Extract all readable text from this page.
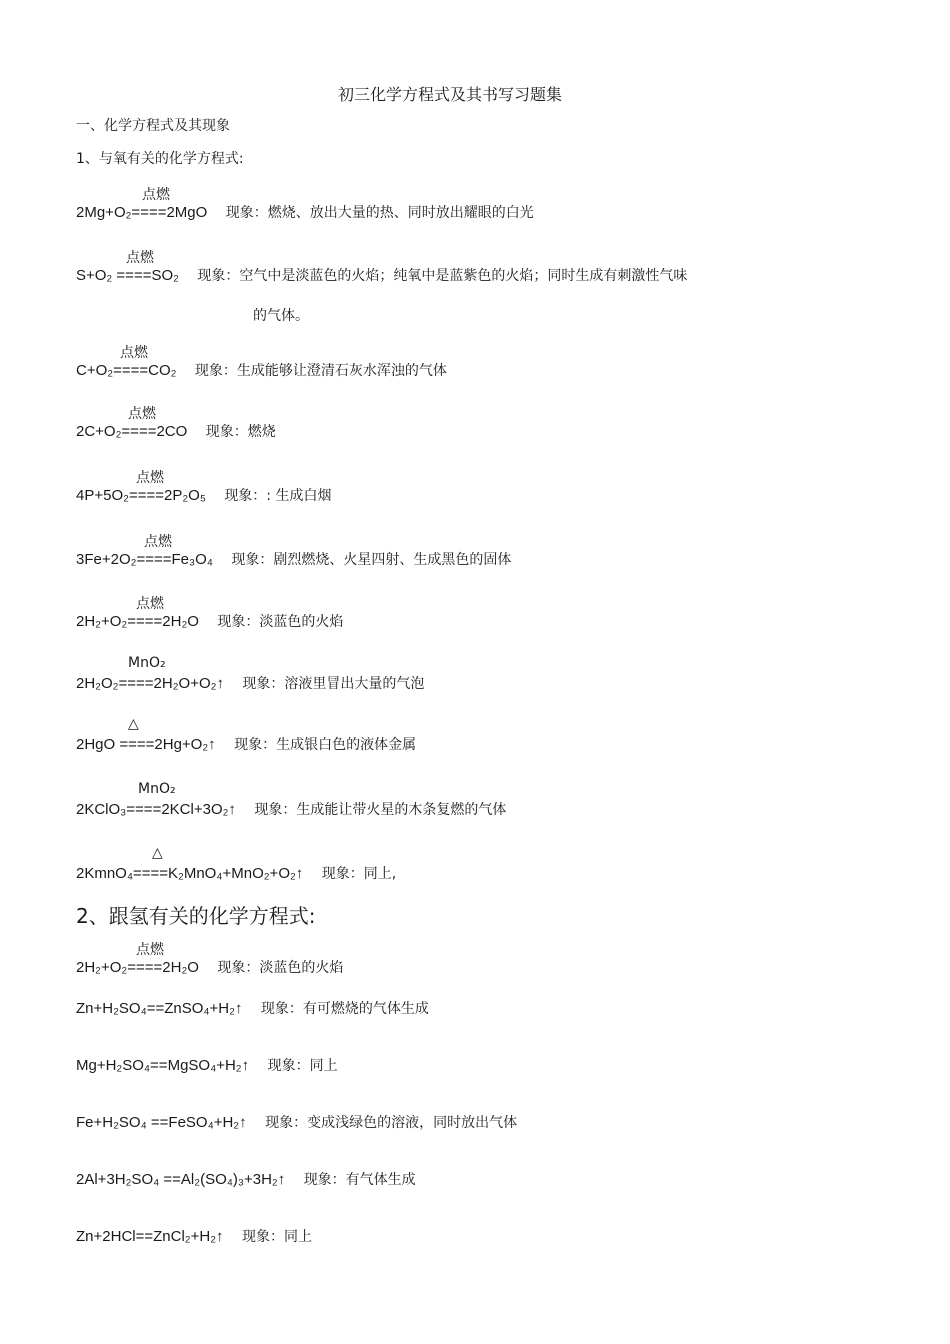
初三化学方程式及其书写习题集
一、化学方程式及其现象
1、与氧有关的化学方程式:
点燃
2Mg+O₂====2MgO 现象：燃烧、放出大量的热、同时放出耀眼的白光
点燃
S+O₂ ====SO₂ 现象：空气中是淡蓝色的火焰；纯氧中是蓝紫色的火焰；同时生成有刺激性气味
的气体。
点燃
C+O₂====CO₂ 现象：生成能够让澄清石灰水浑浊的气体
点燃
2C+O₂====2CO 现象：燃烧
点燃
4P+5O₂====2P₂O₅ 现象：: 生成白烟
点燃
3Fe+2O₂====Fe₃O₄ 现象：剧烈燃烧、火星四射、生成黑色的固体
点燃
2H₂+O₂====2H₂O 现象：淡蓝色的火焰
MnO₂
2H₂O₂====2H₂O+O₂↑ 现象：溶液里冒出大量的气泡
△
2HgO ====2Hg+O₂↑ 现象：生成银白色的液体金属
MnO₂
2KClO₃====2KCl+3O₂↑ 现象：生成能让带火星的木条复燃的气体
△
2KmnO₄====K₂MnO₄+MnO₂+O₂↑ 现象：同上,
2、跟氢有关的化学方程式:
点燃
2H₂+O₂====2H₂O 现象：淡蓝色的火焰
Zn+H₂SO₄==ZnSO₄+H₂↑ 现象：有可燃烧的气体生成
Mg+H₂SO₄==MgSO₄+H₂↑ 现象：同上
Fe+H₂SO₄ ==FeSO₄+H₂↑ 现象：变成浅绿色的溶液，同时放出气体
2Al+3H₂SO₄ ==Al₂(SO₄)₃+3H₂↑ 现象：有气体生成
Zn+2HCl==ZnCl₂+H₂↑ 现象：同上
